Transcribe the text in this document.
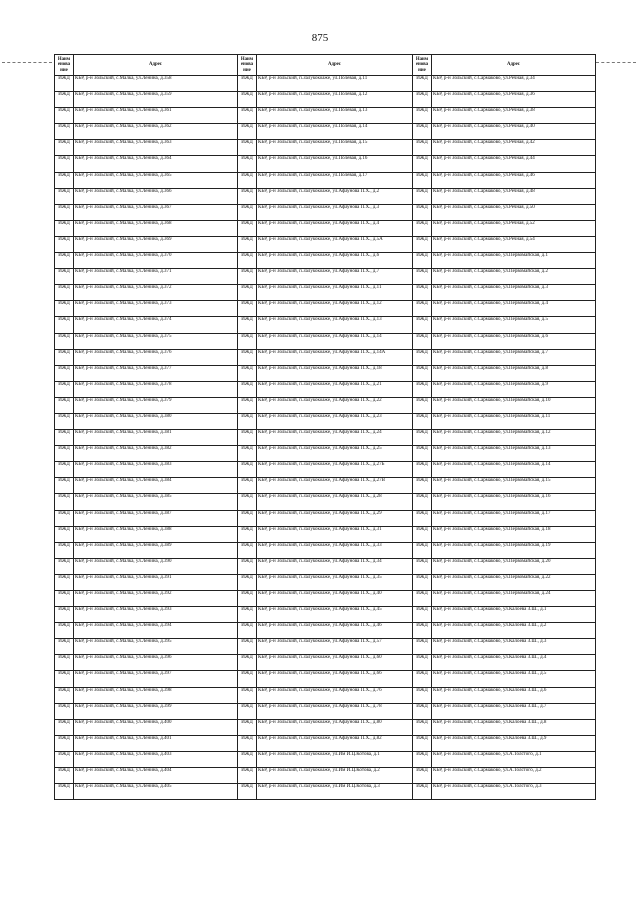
875
Наим енова ние	Адрес	Наим енова ние	Адрес	Наим енова ние	Адрес
ИЖД	КБР, р-н Зольский, с.Малка, ул.Ленина, д.358	ИЖД	КБР, р-н Зольский, п.Залукокоаже, ул.Полевая, д.11	ИЖД	КБР, р-н Зольский, с.Сармаково, ул.Речная, д.34
ИЖД	КБР, р-н Зольский, с.Малка, ул.Ленина, д.359	ИЖД	КБР, р-н Зольский, п.Залукокоаже, ул.Полевая, д.12	ИЖД	КБР, р-н Зольский, с.Сармаково, ул.Речная, д.36
ИЖД	КБР, р-н Зольский, с.Малка, ул.Ленина, д.361	ИЖД	КБР, р-н Зольский, п.Залукокоаже, ул.Полевая, д.13	ИЖД	КБР, р-н Зольский, с.Сармаково, ул.Речная, д.38
ИЖД	КБР, р-н Зольский, с.Малка, ул.Ленина, д.362	ИЖД	КБР, р-н Зольский, п.Залукокоаже, ул.Полевая, д.14	ИЖД	КБР, р-н Зольский, с.Сармаково, ул.Речная, д.40
ИЖД	КБР, р-н Зольский, с.Малка, ул.Ленина, д.363	ИЖД	КБР, р-н Зольский, п.Залукокоаже, ул.Полевая, д.15	ИЖД	КБР, р-н Зольский, с.Сармаково, ул.Речная, д.42
ИЖД	КБР, р-н Зольский, с.Малка, ул.Ленина, д.364	ИЖД	КБР, р-н Зольский, п.Залукокоаже, ул.Полевая, д.16	ИЖД	КБР, р-н Зольский, с.Сармаково, ул.Речная, д.44
ИЖД	КБР, р-н Зольский, с.Малка, ул.Ленина, д.365	ИЖД	КБР, р-н Зольский, п.Залукокоаже, ул.Полевая, д.17	ИЖД	КБР, р-н Зольский, с.Сармаково, ул.Речная, д.46
ИЖД	КБР, р-н Зольский, с.Малка, ул.Ленина, д.366	ИЖД	КБР, р-н Зольский, п.Залукокоаже, ул.Афаунова П.Х., д.2	ИЖД	КБР, р-н Зольский, с.Сармаково, ул.Речная, д.48
ИЖД	КБР, р-н Зольский, с.Малка, ул.Ленина, д.367	ИЖД	КБР, р-н Зольский, п.Залукокоаже, ул.Афаунова П.Х., д.3	ИЖД	КБР, р-н Зольский, с.Сармаково, ул.Речная, д.50
ИЖД	КБР, р-н Зольский, с.Малка, ул.Ленина, д.368	ИЖД	КБР, р-н Зольский, п.Залукокоаже, ул.Афаунова П.Х., д.4	ИЖД	КБР, р-н Зольский, с.Сармаково, ул.Речная, д.52
ИЖД	КБР, р-н Зольский, с.Малка, ул.Ленина, д.369	ИЖД	КБР, р-н Зольский, п.Залукокоаже, ул.Афаунова П.Х., д.5А	ИЖД	КБР, р-н Зольский, с.Сармаково, ул.Речная, д.54
ИЖД	КБР, р-н Зольский, с.Малка, ул.Ленина, д.370	ИЖД	КБР, р-н Зольский, п.Залукокоаже, ул.Афаунова П.Х., д.6	ИЖД	КБР, р-н Зольский, с.Сармаково, ул.Первомайская, д.1
ИЖД	КБР, р-н Зольский, с.Малка, ул.Ленина, д.371	ИЖД	КБР, р-н Зольский, п.Залукокоаже, ул.Афаунова П.Х., д.7	ИЖД	КБР, р-н Зольский, с.Сармаково, ул.Первомайская, д.2
ИЖД	КБР, р-н Зольский, с.Малка, ул.Ленина, д.372	ИЖД	КБР, р-н Зольский, п.Залукокоаже, ул.Афаунова П.Х., д.11	ИЖД	КБР, р-н Зольский, с.Сармаково, ул.Первомайская, д.3
ИЖД	КБР, р-н Зольский, с.Малка, ул.Ленина, д.373	ИЖД	КБР, р-н Зольский, п.Залукокоаже, ул.Афаунова П.Х., д.12	ИЖД	КБР, р-н Зольский, с.Сармаково, ул.Первомайская, д.4
ИЖД	КБР, р-н Зольский, с.Малка, ул.Ленина, д.374	ИЖД	КБР, р-н Зольский, п.Залукокоаже, ул.Афаунова П.Х., д.13	ИЖД	КБР, р-н Зольский, с.Сармаково, ул.Первомайская, д.5
ИЖД	КБР, р-н Зольский, с.Малка, ул.Ленина, д.375	ИЖД	КБР, р-н Зольский, п.Залукокоаже, ул.Афаунова П.Х., д.14	ИЖД	КБР, р-н Зольский, с.Сармаково, ул.Первомайская, д.6
ИЖД	КБР, р-н Зольский, с.Малка, ул.Ленина, д.376	ИЖД	КБР, р-н Зольский, п.Залукокоаже, ул.Афаунова П.Х., д.14А	ИЖД	КБР, р-н Зольский, с.Сармаково, ул.Первомайская, д.7
ИЖД	КБР, р-н Зольский, с.Малка, ул.Ленина, д.377	ИЖД	КБР, р-н Зольский, п.Залукокоаже, ул.Афаунова П.Х., д.18	ИЖД	КБР, р-н Зольский, с.Сармаково, ул.Первомайская, д.8
ИЖД	КБР, р-н Зольский, с.Малка, ул.Ленина, д.378	ИЖД	КБР, р-н Зольский, п.Залукокоаже, ул.Афаунова П.Х., д.21	ИЖД	КБР, р-н Зольский, с.Сармаково, ул.Первомайская, д.9
ИЖД	КБР, р-н Зольский, с.Малка, ул.Ленина, д.379	ИЖД	КБР, р-н Зольский, п.Залукокоаже, ул.Афаунова П.Х., д.22	ИЖД	КБР, р-н Зольский, с.Сармаково, ул.Первомайская, д.10
ИЖД	КБР, р-н Зольский, с.Малка, ул.Ленина, д.380	ИЖД	КБР, р-н Зольский, п.Залукокоаже, ул.Афаунова П.Х., д.23	ИЖД	КБР, р-н Зольский, с.Сармаково, ул.Первомайская, д.11
ИЖД	КБР, р-н Зольский, с.Малка, ул.Ленина, д.381	ИЖД	КБР, р-н Зольский, п.Залукокоаже, ул.Афаунова П.Х., д.24	ИЖД	КБР, р-н Зольский, с.Сармаково, ул.Первомайская, д.12
ИЖД	КБР, р-н Зольский, с.Малка, ул.Ленина, д.382	ИЖД	КБР, р-н Зольский, п.Залукокоаже, ул.Афаунова П.Х., д.25	ИЖД	КБР, р-н Зольский, с.Сармаково, ул.Первомайская, д.13
ИЖД	КБР, р-н Зольский, с.Малка, ул.Ленина, д.383	ИЖД	КБР, р-н Зольский, п.Залукокоаже, ул.Афаунова П.Х., д.27Б	ИЖД	КБР, р-н Зольский, с.Сармаково, ул.Первомайская, д.14
ИЖД	КБР, р-н Зольский, с.Малка, ул.Ленина, д.384	ИЖД	КБР, р-н Зольский, п.Залукокоаже, ул.Афаунова П.Х., д.27В	ИЖД	КБР, р-н Зольский, с.Сармаково, ул.Первомайская, д.15
ИЖД	КБР, р-н Зольский, с.Малка, ул.Ленина, д.385	ИЖД	КБР, р-н Зольский, п.Залукокоаже, ул.Афаунова П.Х., д.28	ИЖД	КБР, р-н Зольский, с.Сармаково, ул.Первомайская, д.16
ИЖД	КБР, р-н Зольский, с.Малка, ул.Ленина, д.387	ИЖД	КБР, р-н Зольский, п.Залукокоаже, ул.Афаунова П.Х., д.29	ИЖД	КБР, р-н Зольский, с.Сармаково, ул.Первомайская, д.17
ИЖД	КБР, р-н Зольский, с.Малка, ул.Ленина, д.388	ИЖД	КБР, р-н Зольский, п.Залукокоаже, ул.Афаунова П.Х., д.31	ИЖД	КБР, р-н Зольский, с.Сармаково, ул.Первомайская, д.18
ИЖД	КБР, р-н Зольский, с.Малка, ул.Ленина, д.389	ИЖД	КБР, р-н Зольский, п.Залукокоаже, ул.Афаунова П.Х., д.33	ИЖД	КБР, р-н Зольский, с.Сармаково, ул.Первомайская, д.19
ИЖД	КБР, р-н Зольский, с.Малка, ул.Ленина, д.390	ИЖД	КБР, р-н Зольский, п.Залукокоаже, ул.Афаунова П.Х., д.34	ИЖД	КБР, р-н Зольский, с.Сармаково, ул.Первомайская, д.20
ИЖД	КБР, р-н Зольский, с.Малка, ул.Ленина, д.391	ИЖД	КБР, р-н Зольский, п.Залукокоаже, ул.Афаунова П.Х., д.35	ИЖД	КБР, р-н Зольский, с.Сармаково, ул.Первомайская, д.22
ИЖД	КБР, р-н Зольский, с.Малка, ул.Ленина, д.392	ИЖД	КБР, р-н Зольский, п.Залукокоаже, ул.Афаунова П.Х., д.40	ИЖД	КБР, р-н Зольский, с.Сармаково, ул.Первомайская, д.24
ИЖД	КБР, р-н Зольский, с.Малка, ул.Ленина, д.393	ИЖД	КБР, р-н Зольский, п.Залукокоаже, ул.Афаунова П.Х., д.45	ИЖД	КБР, р-н Зольский, с.Сармаково, ул.Калоева З.Ш., д.1
ИЖД	КБР, р-н Зольский, с.Малка, ул.Ленина, д.394	ИЖД	КБР, р-н Зольский, п.Залукокоаже, ул.Афаунова П.Х., д.46	ИЖД	КБР, р-н Зольский, с.Сармаково, ул.Калоева З.Ш., д.2
ИЖД	КБР, р-н Зольский, с.Малка, ул.Ленина, д.395	ИЖД	КБР, р-н Зольский, п.Залукокоаже, ул.Афаунова П.Х., д.57	ИЖД	КБР, р-н Зольский, с.Сармаково, ул.Калоева З.Ш., д.3
ИЖД	КБР, р-н Зольский, с.Малка, ул.Ленина, д.396	ИЖД	КБР, р-н Зольский, п.Залукокоаже, ул.Афаунова П.Х., д.60	ИЖД	КБР, р-н Зольский, с.Сармаково, ул.Калоева З.Ш., д.4
ИЖД	КБР, р-н Зольский, с.Малка, ул.Ленина, д.397	ИЖД	КБР, р-н Зольский, п.Залукокоаже, ул.Афаунова П.Х., д.66	ИЖД	КБР, р-н Зольский, с.Сармаково, ул.Калоева З.Ш., д.5
ИЖД	КБР, р-н Зольский, с.Малка, ул.Ленина, д.398	ИЖД	КБР, р-н Зольский, п.Залукокоаже, ул.Афаунова П.Х., д.76	ИЖД	КБР, р-н Зольский, с.Сармаково, ул.Калоева З.Ш., д.6
ИЖД	КБР, р-н Зольский, с.Малка, ул.Ленина, д.399	ИЖД	КБР, р-н Зольский, п.Залукокоаже, ул.Афаунова П.Х., д.78	ИЖД	КБР, р-н Зольский, с.Сармаково, ул.Калоева З.Ш., д.7
ИЖД	КБР, р-н Зольский, с.Малка, ул.Ленина, д.400	ИЖД	КБР, р-н Зольский, п.Залукокоаже, ул.Афаунова П.Х., д.80	ИЖД	КБР, р-н Зольский, с.Сармаково, ул.Калоева З.Ш., д.8
ИЖД	КБР, р-н Зольский, с.Малка, ул.Ленина, д.401	ИЖД	КБР, р-н Зольский, п.Залукокоаже, ул.Афаунова П.Х., д.82	ИЖД	КБР, р-н Зольский, с.Сармаково, ул.Калоева З.Ш., д.9
ИЖД	КБР, р-н Зольский, с.Малка, ул.Ленина, д.403	ИЖД	КБР, р-н Зольский, п.Залукокоаже, ул.Им И.Ц.Котова, д.1	ИЖД	КБР, р-н Зольский, с.Сармаково, ул.А.Толстого, д.1
ИЖД	КБР, р-н Зольский, с.Малка, ул.Ленина, д.404	ИЖД	КБР, р-н Зольский, п.Залукокоаже, ул.Им И.Ц.Котова, д.2	ИЖД	КБР, р-н Зольский, с.Сармаково, ул.А.Толстого, д.2
ИЖД	КБР, р-н Зольский, с.Малка, ул.Ленина, д.405	ИЖД	КБР, р-н Зольский, п.Залукокоаже, ул.Им И.Ц.Котова, д.3	ИЖД	КБР, р-н Зольский, с.Сармаково, ул.А.Толстого, д.3
